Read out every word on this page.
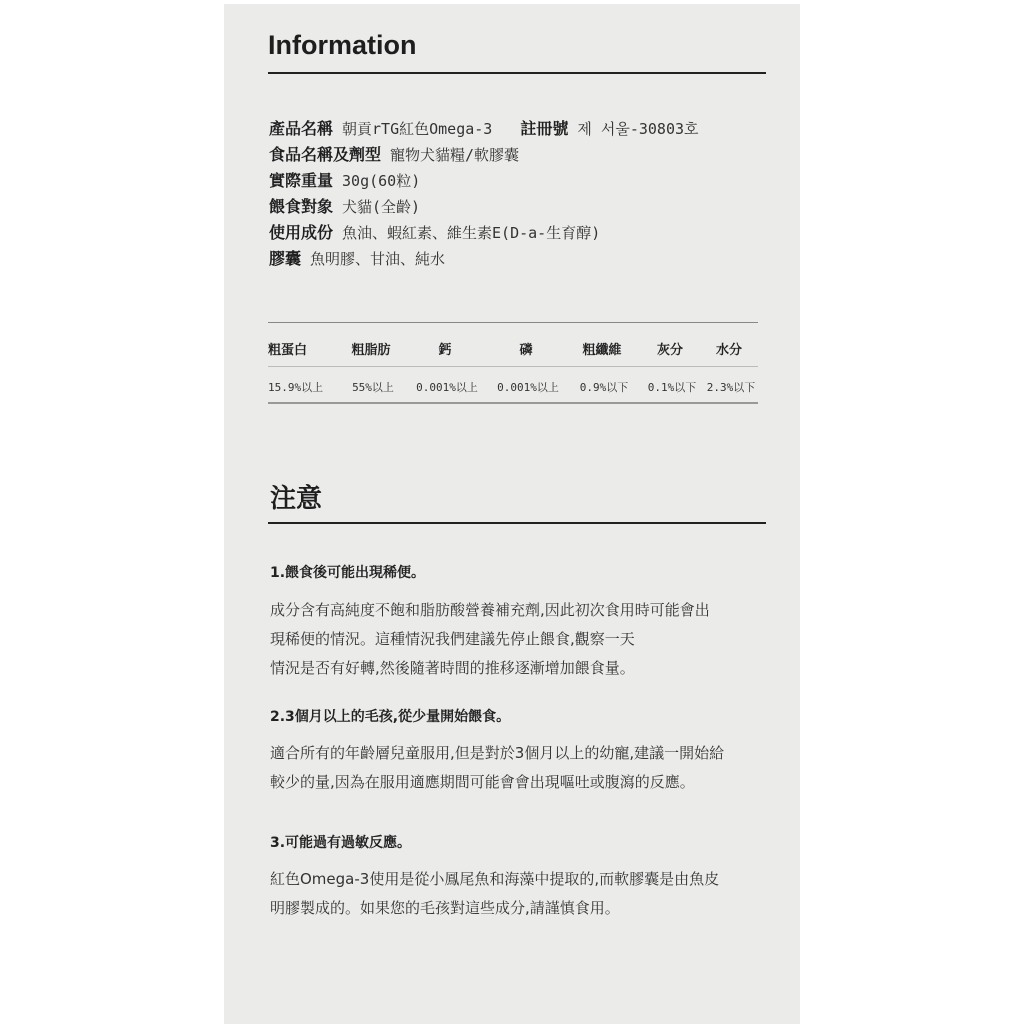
Information
產品名稱 朝貢rTG紅色Omega-3 註冊號 제 서울-30803호
食品名稱及劑型 寵物犬貓糧/軟膠囊
實際重量 30g(60粒)
餵食對象 犬貓(全齡)
使用成份 魚油、蝦紅素、維生素E(D-a-生育醇)
膠囊 魚明膠、甘油、純水
粗蛋白	粗脂肪	鈣	磷	粗纖維	灰分	水分
15.9%以上	55%以上	0.001%以上	0.001%以上	0.9%以下	0.1%以下 2.3%以下
注意

1.餵食後可能出現稀便。

成分含有高純度不飽和脂肪酸營養補充劑,因此初次食用時可能會出
現稀便的情況。這種情況我們建議先停止餵食,觀察一天
情況是否有好轉,然後隨著時間的推移逐漸增加餵食量。

2.3個月以上的毛孩,從少量開始餵食。

適合所有的年齡層兒童服用,但是對於3個月以上的幼寵,建議一開始給
較少的量,因為在服用適應期間可能會會出現嘔吐或腹瀉的反應。

3.可能過有過敏反應。

紅色Omega-3使用是從小鳳尾魚和海藻中提取的,而軟膠囊是由魚皮
明膠製成的。如果您的毛孩對這些成分,請謹慎食用。
